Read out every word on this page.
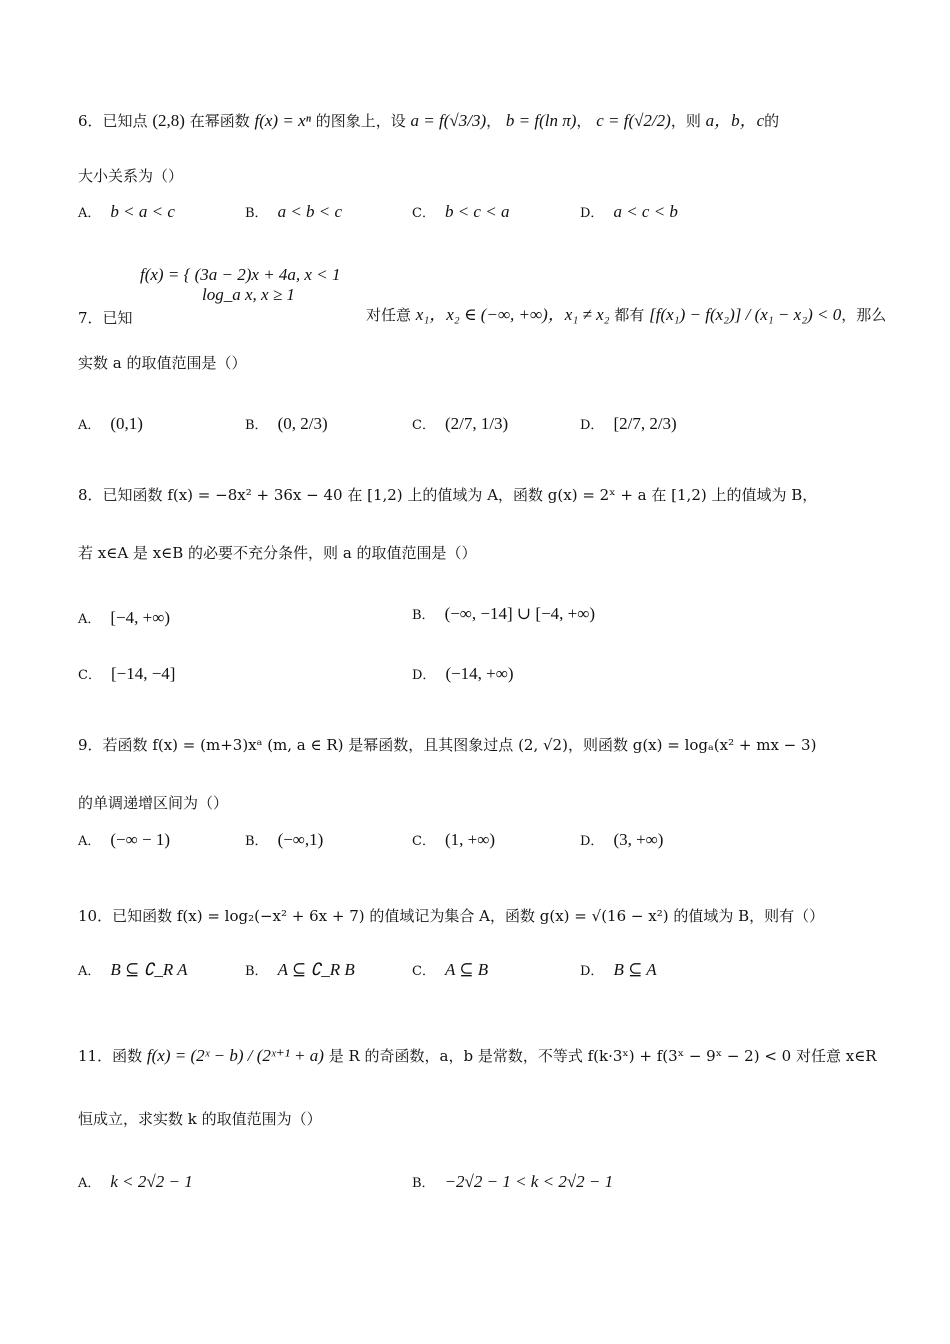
6．已知点 (2,8) 在幂函数 f(x) = xⁿ 的图象上，设 a = f(√3/3)， b = f(ln π)， c = f(√2/2)，则 a，b，c的
大小关系为（）
A． b < a < c	B． a < b < c	C． b < c < a	D． a < c < b
f(x) = { (3a − 2)x + 4a, x < 1
log_a x, x ≥ 1
7．已知	对任意 x₁，x₂ ∈ (−∞, +∞)，x₁ ≠ x₂ 都有 [f(x₁) − f(x₂)] / (x₁ − x₂) < 0，那么
实数 a 的取值范围是（）
A． (0,1)	B． (0, 2/3)	C． (2/7, 1/3)	D． [2/7, 2/3)
8．已知函数 f(x) = −8x² + 36x − 40 在 [1,2) 上的值域为 A，函数 g(x) = 2ˣ + a 在 [1,2) 上的值域为 B，
若 x∈A 是 x∈B 的必要不充分条件，则 a 的取值范围是（）
A． [−4, +∞)	B． (−∞, −14] ∪ [−4, +∞)
C． [−14, −4]	D． (−14, +∞)
9．若函数 f(x) = (m+3)xᵃ (m, a ∈ R) 是幂函数，且其图象过点 (2, √2)，则函数 g(x) = logₐ(x² + mx − 3)
的单调递增区间为（）
A． (−∞ − 1)	B． (−∞,1)	C． (1, +∞)	D． (3, +∞)
10．已知函数 f(x) = log₂(−x² + 6x + 7) 的值域记为集合 A，函数 g(x) = √(16 − x²) 的值域为 B，则有（）
A． B ⊆ ∁_R A	B． A ⊆ ∁_R B	C． A ⊆ B	D． B ⊆ A
11．函数 f(x) = (2ˣ − b) / (2ˣ⁺¹ + a) 是 R 的奇函数，a，b 是常数，不等式 f(k·3ˣ) + f(3ˣ − 9ˣ − 2) < 0 对任意 x∈R
恒成立，求实数 k 的取值范围为（）
A． k < 2√2 − 1	B． −2√2 − 1 < k < 2√2 − 1
